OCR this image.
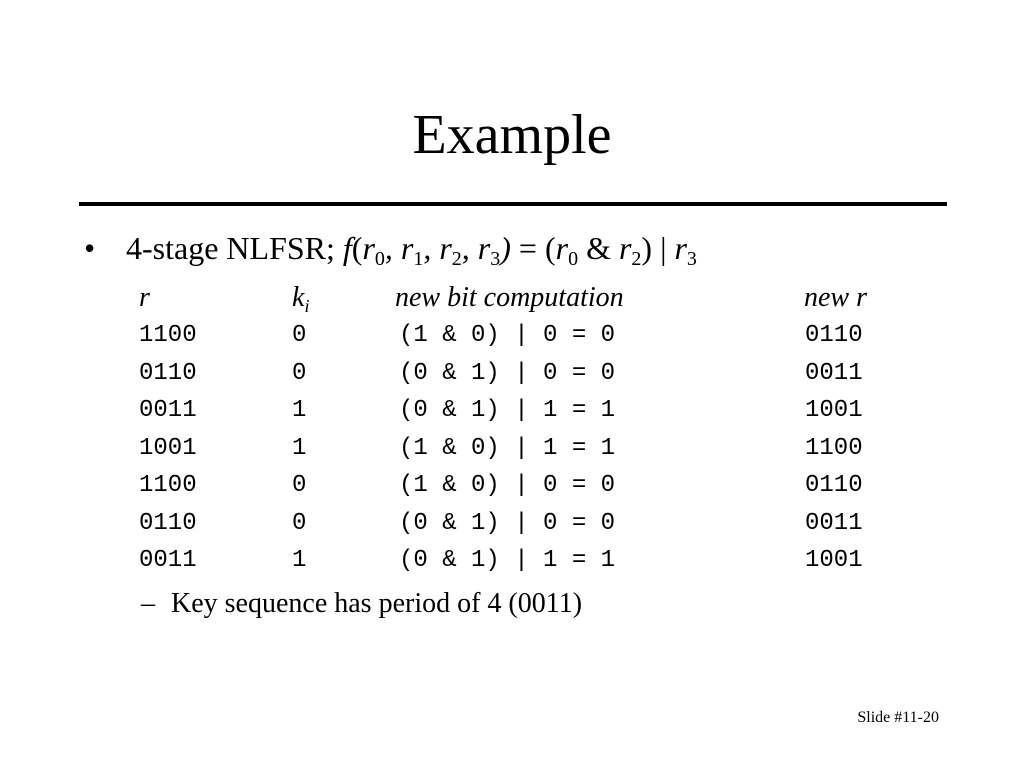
Example
• 4-stage NLFSR; $f(r_0$, $r_1$, $r_2$, $r_3) = (r_0$ & $r_2$) | $r_3$
r	$k_i$	new bit computation	new r
1100	0	(1 & 0) | 0 = 0	0110
0110	0	(0 & 1) | 0 = 0	0011
0011	1	(0 & 1) | 1 = 1	1001
1001	1	(1 & 0) | 1 = 1	1100
1100	0	(1 & 0) | 0 = 0	0110
0110	0	(0 & 1) | 0 = 0	0011
0011	1	(0 & 1) | 1 = 1	1001
– Key sequence has period of 4 (0011)
Slide #11-20
